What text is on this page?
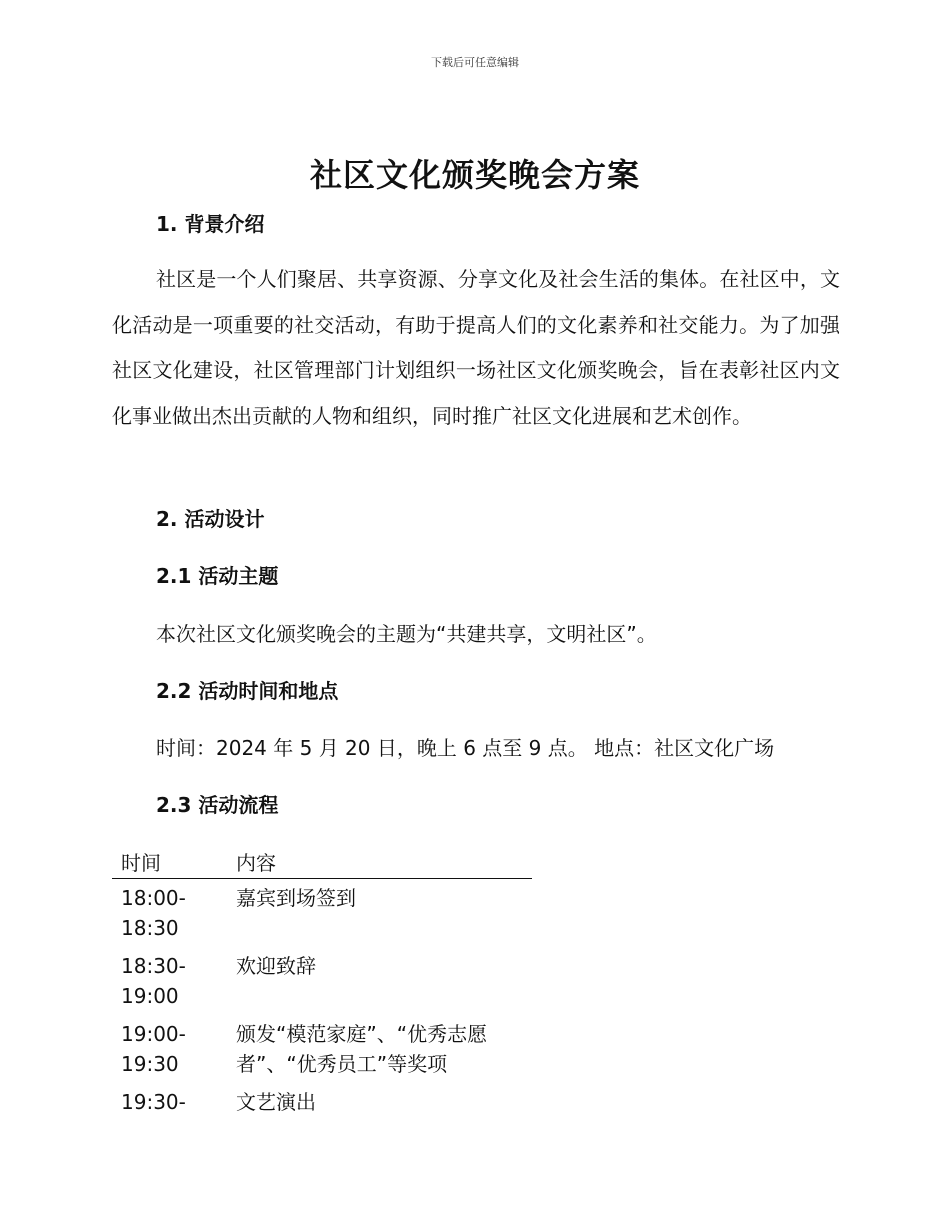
下载后可任意编辑
社区文化颁奖晚会方案
1. 背景介绍
社区是一个人们聚居、共享资源、分享文化及社会生活的集体。在社区中，文化活动是一项重要的社交活动，有助于提高人们的文化素养和社交能力。为了加强社区文化建设，社区管理部门计划组织一场社区文化颁奖晚会，旨在表彰社区内文化事业做出杰出贡献的人物和组织，同时推广社区文化进展和艺术创作。
2. 活动设计
2.1 活动主题
本次社区文化颁奖晚会的主题为“共建共享，文明社区”。
2.2 活动时间和地点
时间：2024 年 5 月 20 日，晚上 6 点至 9 点。 地点：社区文化广场
2.3 活动流程
时间	内容

18:00-
18:30	嘉宾到场签到

18:30-
19:00	欢迎致辞

19:00-
19:30	颁发“模范家庭”、“优秀志愿者”、“优秀员工”等奖项

19:30-	文艺演出
